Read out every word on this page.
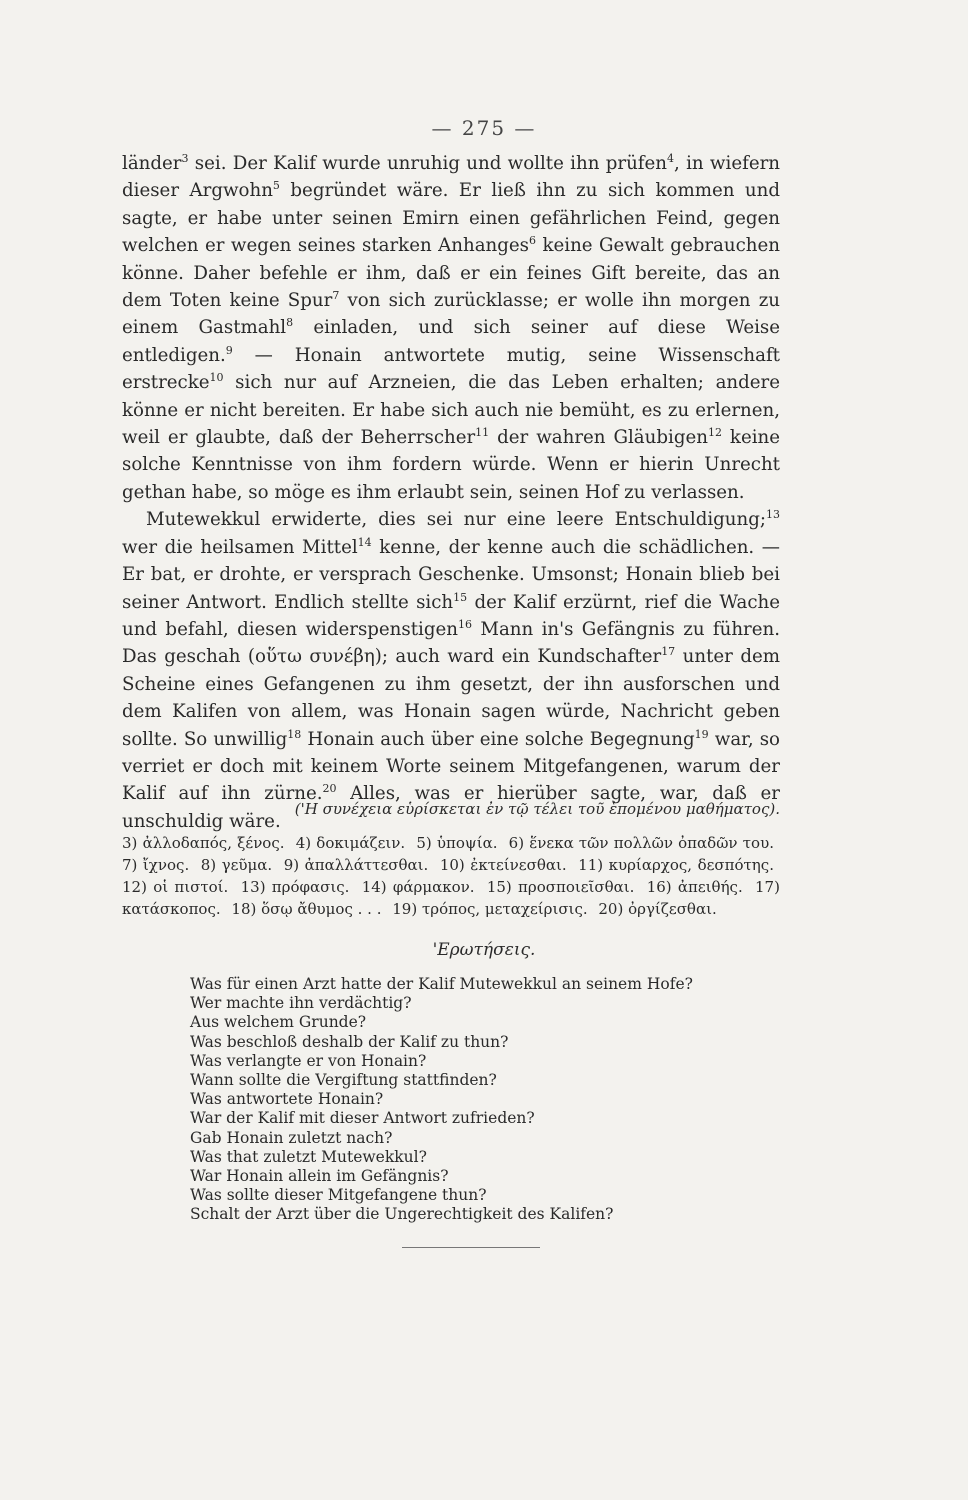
— 275 —

länder$^3$ sei. Der Kalif wurde unruhig und wollte ihn prüfen$^4$, in wiefern dieser Argwohn$^5$ begründet wäre. Er ließ ihn zu sich kommen und sagte, er habe unter seinen Emirn einen gefährlichen Feind, gegen welchen er wegen seines starken Anhanges$^6$ keine Gewalt gebrauchen könne. Daher befehle er ihm, daß er ein feines Gift bereite, das an dem Toten keine Spur$^7$ von sich zurücklasse; er wolle ihn morgen zu einem Gastmahl$^8$ einladen, und sich seiner auf diese Weise entledigen.$^9$ — Honain antwortete mutig, seine Wissenschaft erstrecke$^{10}$ sich nur auf Arzneien, die das Leben erhalten; andere könne er nicht bereiten. Er habe sich auch nie bemüht, es zu erlernen, weil er glaubte, daß der Beherrscher$^{11}$ der wahren Gläubigen$^{12}$ keine solche Kenntnisse von ihm fordern würde. Wenn er hierin Unrecht gethan habe, so möge es ihm erlaubt sein, seinen Hof zu verlassen.

Mutewekkul erwiderte, dies sei nur eine leere Entschuldigung;$^{13}$ wer die heilsamen Mittel$^{14}$ kenne, der kenne auch die schädlichen. — Er bat, er drohte, er versprach Geschenke. Umsonst; Honain blieb bei seiner Antwort. Endlich stellte sich$^{15}$ der Kalif erzürnt, rief die Wache und befahl, diesen widerspenstigen$^{16}$ Mann in's Gefängnis zu führen. Das geschah (οὕτω συνέβη); auch ward ein Kundschafter$^{17}$ unter dem Scheine eines Gefangenen zu ihm gesetzt, der ihn ausforschen und dem Kalifen von allem, was Honain sagen würde, Nachricht geben sollte. So unwillig$^{18}$ Honain auch über eine solche Begegnung$^{19}$ war, so verriet er doch mit keinem Worte seinem Mitgefangenen, warum der Kalif auf ihn zürne.$^{20}$ Alles, was er hierüber sagte, war, daß er unschuldig wäre.

('Η συνέχεια εὑρίσκεται ἐν τῷ τέλει τοῦ ἑπομένου μαθήματος).
3) ἀλλοδαπός, ξένος. 4) δοκιμάζειν. 5) ὑποψία. 6) ἕνεκα τῶν πολλῶν ὀπαδῶν του. 7) ἴχνος. 8) γεῦμα. 9) ἀπαλλάττεσθαι. 10) ἐκτείνεσθαι. 11) κυρίαρχος, δεσπότης. 12) οἱ πιστοί. 13) πρόφασις. 14) φάρμακον. 15) προσποιεῖσθαι. 16) ἀπειθής. 17) κατάσκοπος. 18) ὅσῳ ἄθυμος . . . 19) τρόπος, μεταχείρισις. 20) ὀργίζεσθαι.
'Ερωτήσεις.
Was für einen Arzt hatte der Kalif Mutewekkul an seinem Hofe?
Wer machte ihn verdächtig?
Aus welchem Grunde?
Was beschloß deshalb der Kalif zu thun?
Was verlangte er von Honain?
Wann sollte die Vergiftung stattfinden?
Was antwortete Honain?
War der Kalif mit dieser Antwort zufrieden?
Gab Honain zuletzt nach?
Was that zuletzt Mutewekkul?
War Honain allein im Gefängnis?
Was sollte dieser Mitgefangene thun?
Schalt der Arzt über die Ungerechtigkeit des Kalifen?
